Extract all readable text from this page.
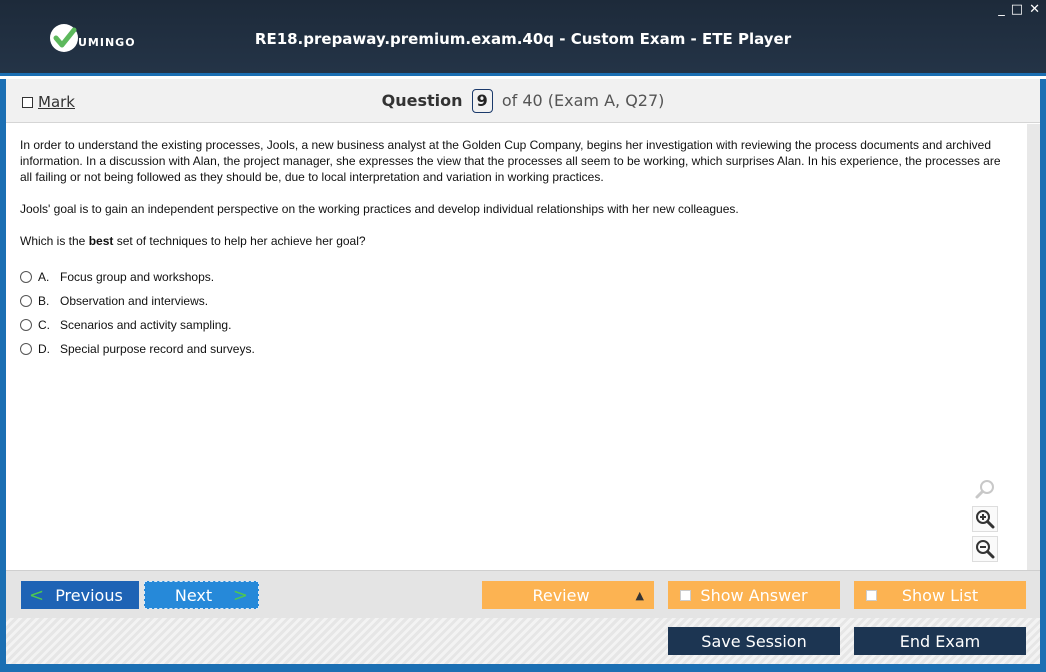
UMINGO	RE18.prepaway.premium.exam.40q - Custom Exam - ETE Player
_ □ ✕
Mark	Question 9 of 40 (Exam A, Q27)

In order to understand the existing processes, Jools, a new business analyst at the Golden Cup Company, begins her investigation with reviewing the process documents and archived information. In a discussion with Alan, the project manager, she expresses the view that the processes all seem to be working, which surprises Alan. In his experience, the processes are all failing or not being followed as they should be, due to local interpretation and variation in working practices.

Jools' goal is to gain an independent perspective on the working practices and develop individual relationships with her new colleagues.

Which is the best set of techniques to help her achieve her goal?

A. Focus group and workshops.
B. Observation and interviews.
C. Scenarios and activity sampling.
D. Special purpose record and surveys.
< Previous	Next >	Review	▲	Show Answer	Show List
Save Session	End Exam
